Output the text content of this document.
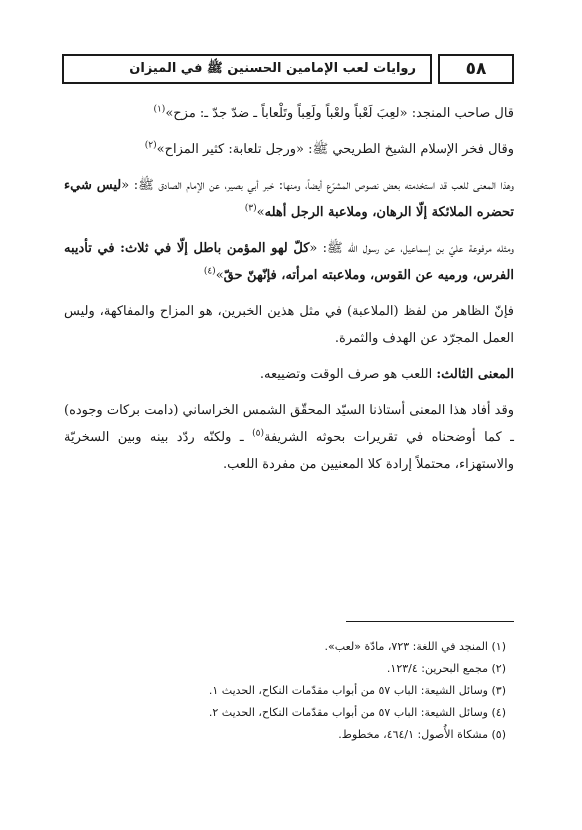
٥٨
روايات لعب الإمامين الحسنين ﷺ في الميزان

قال صاحب المنجد: «لعِبَ لَعْباً ولعْباً ولَعِباً وتَلْعاباً ـ ضدّ جدّ ـ: مزح»$^{(١)}$

وقال فخر الإسلام الشيخ الطريحي ﷺ: «ورجل تلعابة: كثير المزاح»$^{(٢)}$

وهذا المعنى للعب قد استخدمته بعض نصوص المشرّع أيضاً، ومنها: خبر أبي بصير، عن الإمام الصادق ﷺ: «ليس شيء تحضره الملائكة إلّا الرهان، وملاعبة الرجل أهله»$^{(٣)}$

ومثله مرفوعة عليّ بن إسماعيل، عن رسول الله ﷺ: «كلّ لهو المؤمن باطل إلّا في ثلاث: في تأديبه الفرس، ورميه عن القوس، وملاعبته امرأته، فإنّهنّ حقّ»$^{(٤)}$

فإنّ الظاهر من لفظ (الملاعبة) في مثل هذين الخبرين، هو المزاح والمفاكهة، وليس العمل المجرّد عن الهدف والثمرة.

المعنى الثالث: اللعب هو صرف الوقت وتضييعه.

وقد أفاد هذا المعنى أستاذنا السيّد المحقّق الشمس الخراساني (دامت بركات وجوده) ـ كما أوضحناه في تقريرات بحوثه الشريفة$^{(٥)}$ ـ ولكنّه ردّد بينه وبين السخريّة والاستهزاء، محتملاً إرادة كلا المعنيين من مفردة اللعب.

(١) المنجد في اللغة: ٧٢٣، مادّة «لعب».
(٢) مجمع البحرين: ١٢٣/٤.
(٣) وسائل الشيعة: الباب ٥٧ من أبواب مقدّمات النكاح، الحديث ١.
(٤) وسائل الشيعة: الباب ٥٧ من أبواب مقدّمات النكاح، الحديث ٢.
(٥) مشكاة الأُصول: ٤٦٤/١، مخطوط.
